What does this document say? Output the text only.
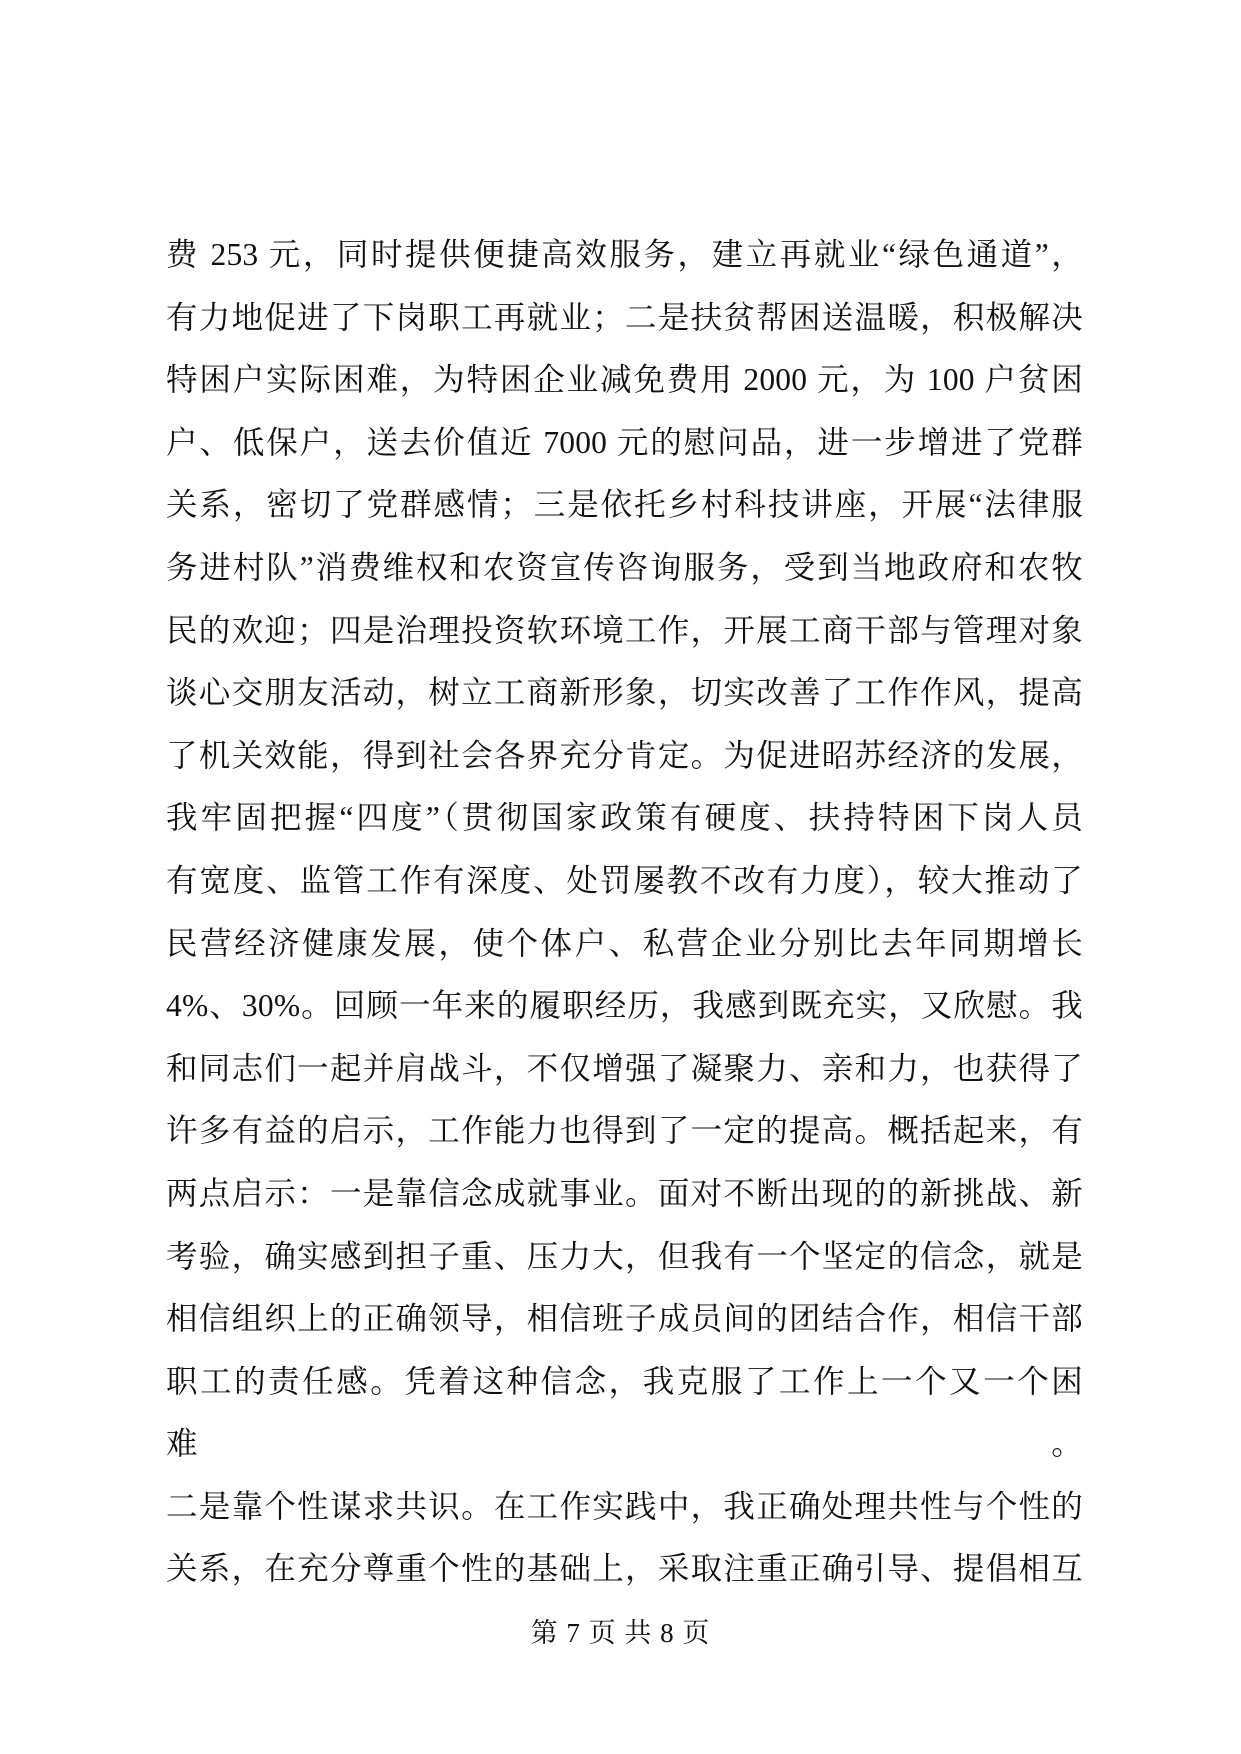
费 253 元，同时提供便捷高效服务，建立再就业“绿色通道”，
有力地促进了下岗职工再就业；二是扶贫帮困送温暖，积极解决
特困户实际困难，为特困企业减免费用 2000 元，为 100 户贫困
户、低保户，送去价值近 7000 元的慰问品，进一步增进了党群
关系，密切了党群感情；三是依托乡村科技讲座，开展“法律服
务进村队”消费维权和农资宣传咨询服务，受到当地政府和农牧
民的欢迎；四是治理投资软环境工作，开展工商干部与管理对象
谈心交朋友活动，树立工商新形象，切实改善了工作作风，提高
了机关效能，得到社会各界充分肯定。为促进昭苏经济的发展，
我牢固把握“四度”（贯彻国家政策有硬度、扶持特困下岗人员
有宽度、监管工作有深度、处罚屡教不改有力度），较大推动了
民营经济健康发展，使个体户、私营企业分别比去年同期增长
4%、30%。回顾一年来的履职经历，我感到既充实，又欣慰。我
和同志们一起并肩战斗，不仅增强了凝聚力、亲和力，也获得了
许多有益的启示，工作能力也得到了一定的提高。概括起来，有
两点启示：一是靠信念成就事业。面对不断出现的的新挑战、新
考验，确实感到担子重、压力大，但我有一个坚定的信念，就是
相信组织上的正确领导，相信班子成员间的团结合作，相信干部
职工的责任感。凭着这种信念，我克服了工作上一个又一个困难。
二是靠个性谋求共识。在工作实践中，我正确处理共性与个性的
关系，在充分尊重个性的基础上，采取注重正确引导、提倡相互
第 7 页 共 8 页
